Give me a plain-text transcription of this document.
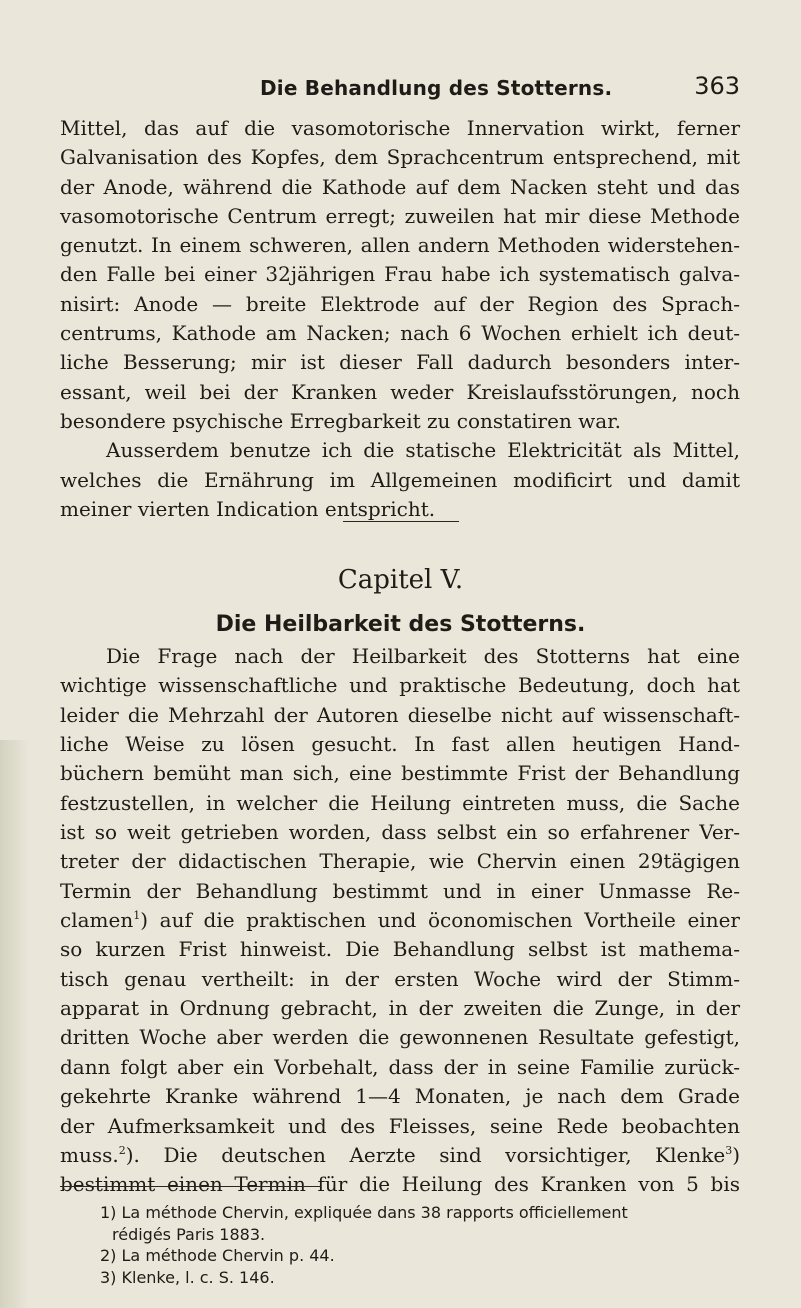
Die Behandlung des Stotterns.	363

Mittel, das auf die vasomotorische Innervation wirkt, ferner

Galvanisation des Kopfes, dem Sprachcentrum entsprechend, mit

der Anode, während die Kathode auf dem Nacken steht und das

vasomotorische Centrum erregt; zuweilen hat mir diese Methode

genutzt. In einem schweren, allen andern Methoden widerstehen-

den Falle bei einer 32jährigen Frau habe ich systematisch galva-

nisirt: Anode — breite Elektrode auf der Region des Sprach-

centrums, Kathode am Nacken; nach 6 Wochen erhielt ich deut-

liche Besserung; mir ist dieser Fall dadurch besonders inter-

essant, weil bei der Kranken weder Kreislaufsstörungen, noch

besondere psychische Erregbarkeit zu constatiren war.

Ausserdem benutze ich die statische Elektricität als Mittel,

welches die Ernährung im Allgemeinen modificirt und damit

meiner vierten Indication entspricht.

Capitel V.
Die Heilbarkeit des Stotterns.

Die Frage nach der Heilbarkeit des Stotterns hat eine

wichtige wissenschaftliche und praktische Bedeutung, doch hat

leider die Mehrzahl der Autoren dieselbe nicht auf wissenschaft-

liche Weise zu lösen gesucht. In fast allen heutigen Hand-

büchern bemüht man sich, eine bestimmte Frist der Behandlung

festzustellen, in welcher die Heilung eintreten muss, die Sache

ist so weit getrieben worden, dass selbst ein so erfahrener Ver-

treter der didactischen Therapie, wie Chervin einen 29tägigen

Termin der Behandlung bestimmt und in einer Unmasse Re-

clamen$^1$) auf die praktischen und öconomischen Vortheile einer

so kurzen Frist hinweist. Die Behandlung selbst ist mathema-

tisch genau vertheilt: in der ersten Woche wird der Stimm-

apparat in Ordnung gebracht, in der zweiten die Zunge, in der

dritten Woche aber werden die gewonnenen Resultate gefestigt,

dann folgt aber ein Vorbehalt, dass der in seine Familie zurück-

gekehrte Kranke während 1—4 Monaten, je nach dem Grade

der Aufmerksamkeit und des Fleisses, seine Rede beobachten

muss.$^2$). Die deutschen Aerzte sind vorsichtiger, Klenke$^3$)

bestimmt einen Termin für die Heilung des Kranken von 5 bis

1) La méthode Chervin, expliquée dans 38 rapports officiellement
rédigés Paris 1883.
2) La méthode Chervin p. 44.
3) Klenke, l. c. S. 146.
